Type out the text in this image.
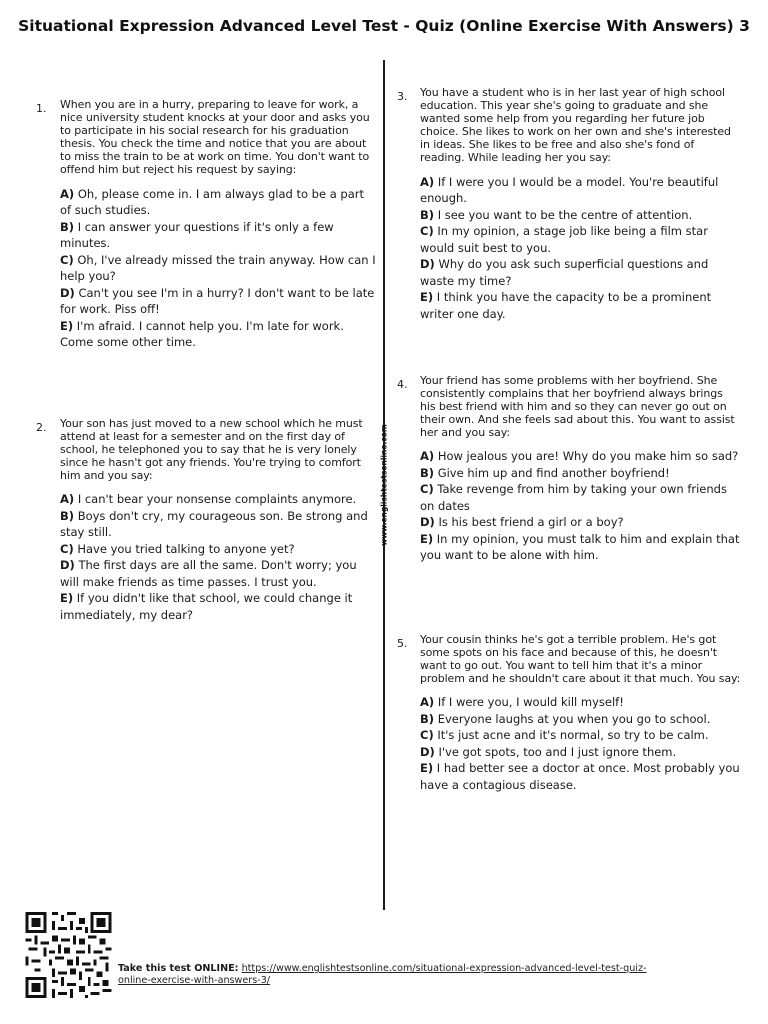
Situational Expression Advanced Level Test - Quiz (Online Exercise With Answers) 3
www.englishtestsonline.com
1. When you are in a hurry, preparing to leave for work, a nice university student knocks at your door and asks you to participate in his social research for his graduation thesis. You check the time and notice that you are about to miss the train to be at work on time. You don't want to offend him but reject his request by saying:

A) Oh, please come in. I am always glad to be a part of such studies.

B) I can answer your questions if it's only a few minutes.

C) Oh, I've already missed the train anyway. How can I help you?

D) Can't you see I'm in a hurry? I don't want to be late for work. Piss off!

E) I'm afraid. I cannot help you. I'm late for work. Come some other time.

2. Your son has just moved to a new school which he must attend at least for a semester and on the first day of school, he telephoned you to say that he is very lonely since he hasn't got any friends. You're trying to comfort him and you say:

A) I can't bear your nonsense complaints anymore.

B) Boys don't cry, my courageous son. Be strong and stay still.

C) Have you tried talking to anyone yet?

D) The first days are all the same. Don't worry; you will make friends as time passes. I trust you.

E) If you didn't like that school, we could change it immediately, my dear?

3. You have a student who is in her last year of high school education. This year she's going to graduate and she wanted some help from you regarding her future job choice. She likes to work on her own and she's interested in ideas. She likes to be free and also she's fond of reading. While leading her you say:

A) If I were you I would be a model. You're beautiful enough.

B) I see you want to be the centre of attention.

C) In my opinion, a stage job like being a film star would suit best to you.

D) Why do you ask such superficial questions and waste my time?

E) I think you have the capacity to be a prominent writer one day.

4. Your friend has some problems with her boyfriend. She consistently complains that her boyfriend always brings his best friend with him and so they can never go out on their own. And she feels sad about this. You want to assist her and you say:

A) How jealous you are! Why do you make him so sad?

B) Give him up and find another boyfriend!

C) Take revenge from him by taking your own friends on dates

D) Is his best friend a girl or a boy?

E) In my opinion, you must talk to him and explain that you want to be alone with him.

5. Your cousin thinks he's got a terrible problem. He's got some spots on his face and because of this, he doesn't want to go out. You want to tell him that it's a minor problem and he shouldn't care about it that much. You say:

A) If I were you, I would kill myself!

B) Everyone laughs at you when you go to school.

C) It's just acne and it's normal, so try to be calm.

D) I've got spots, too and I just ignore them.

E) I had better see a doctor at once. Most probably you have a contagious disease.

Take this test ONLINE: https://www.englishtestsonline.com/situational-expression-advanced-level-test-quiz-online-exercise-with-answers-3/
